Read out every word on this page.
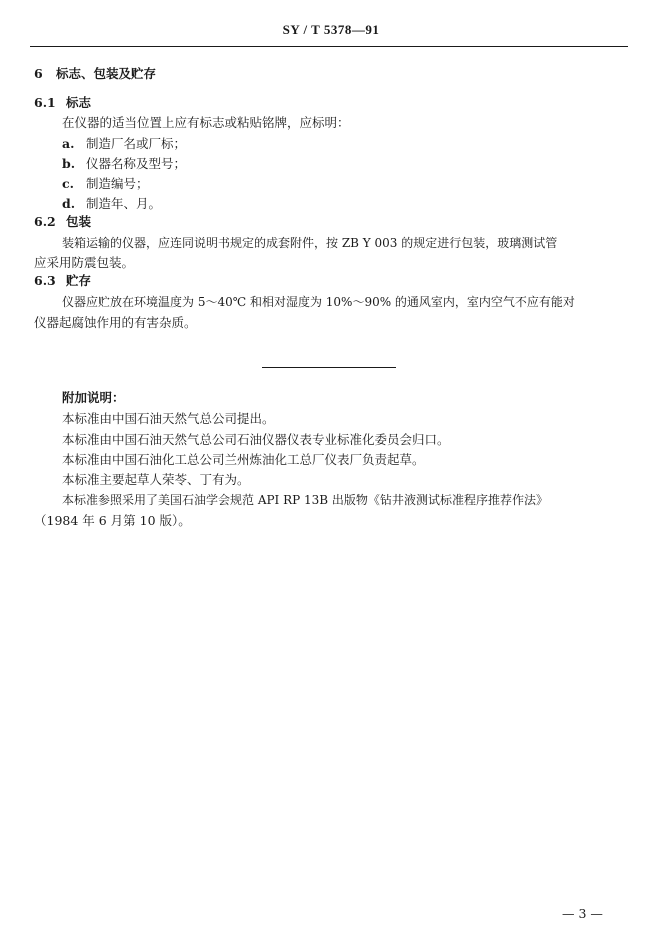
SY / T 5378—91
6 标志、包装及贮存
6.1 标志
在仪器的适当位置上应有标志或粘贴铭牌，应标明：
a. 制造厂名或厂标；
b. 仪器名称及型号；
c. 制造编号；
d. 制造年、月。
6.2 包装
装箱运输的仪器，应连同说明书规定的成套附件，按 ZB Y 003 的规定进行包装，玻璃测试管
应采用防震包装。
6.3 贮存
仪器应贮放在环境温度为 5～40℃ 和相对湿度为 10%～90% 的通风室内，室内空气不应有能对
仪器起腐蚀作用的有害杂质。
附加说明：
本标准由中国石油天然气总公司提出。
本标准由中国石油天然气总公司石油仪器仪表专业标准化委员会归口。
本标准由中国石油化工总公司兰州炼油化工总厂仪表厂负责起草。
本标准主要起草人荣苓、丁有为。
本标准参照采用了美国石油学会规范 API RP 13B 出版物《钻井液测试标准程序推荐作法》
（1984 年 6 月第 10 版）。
— 3 —
